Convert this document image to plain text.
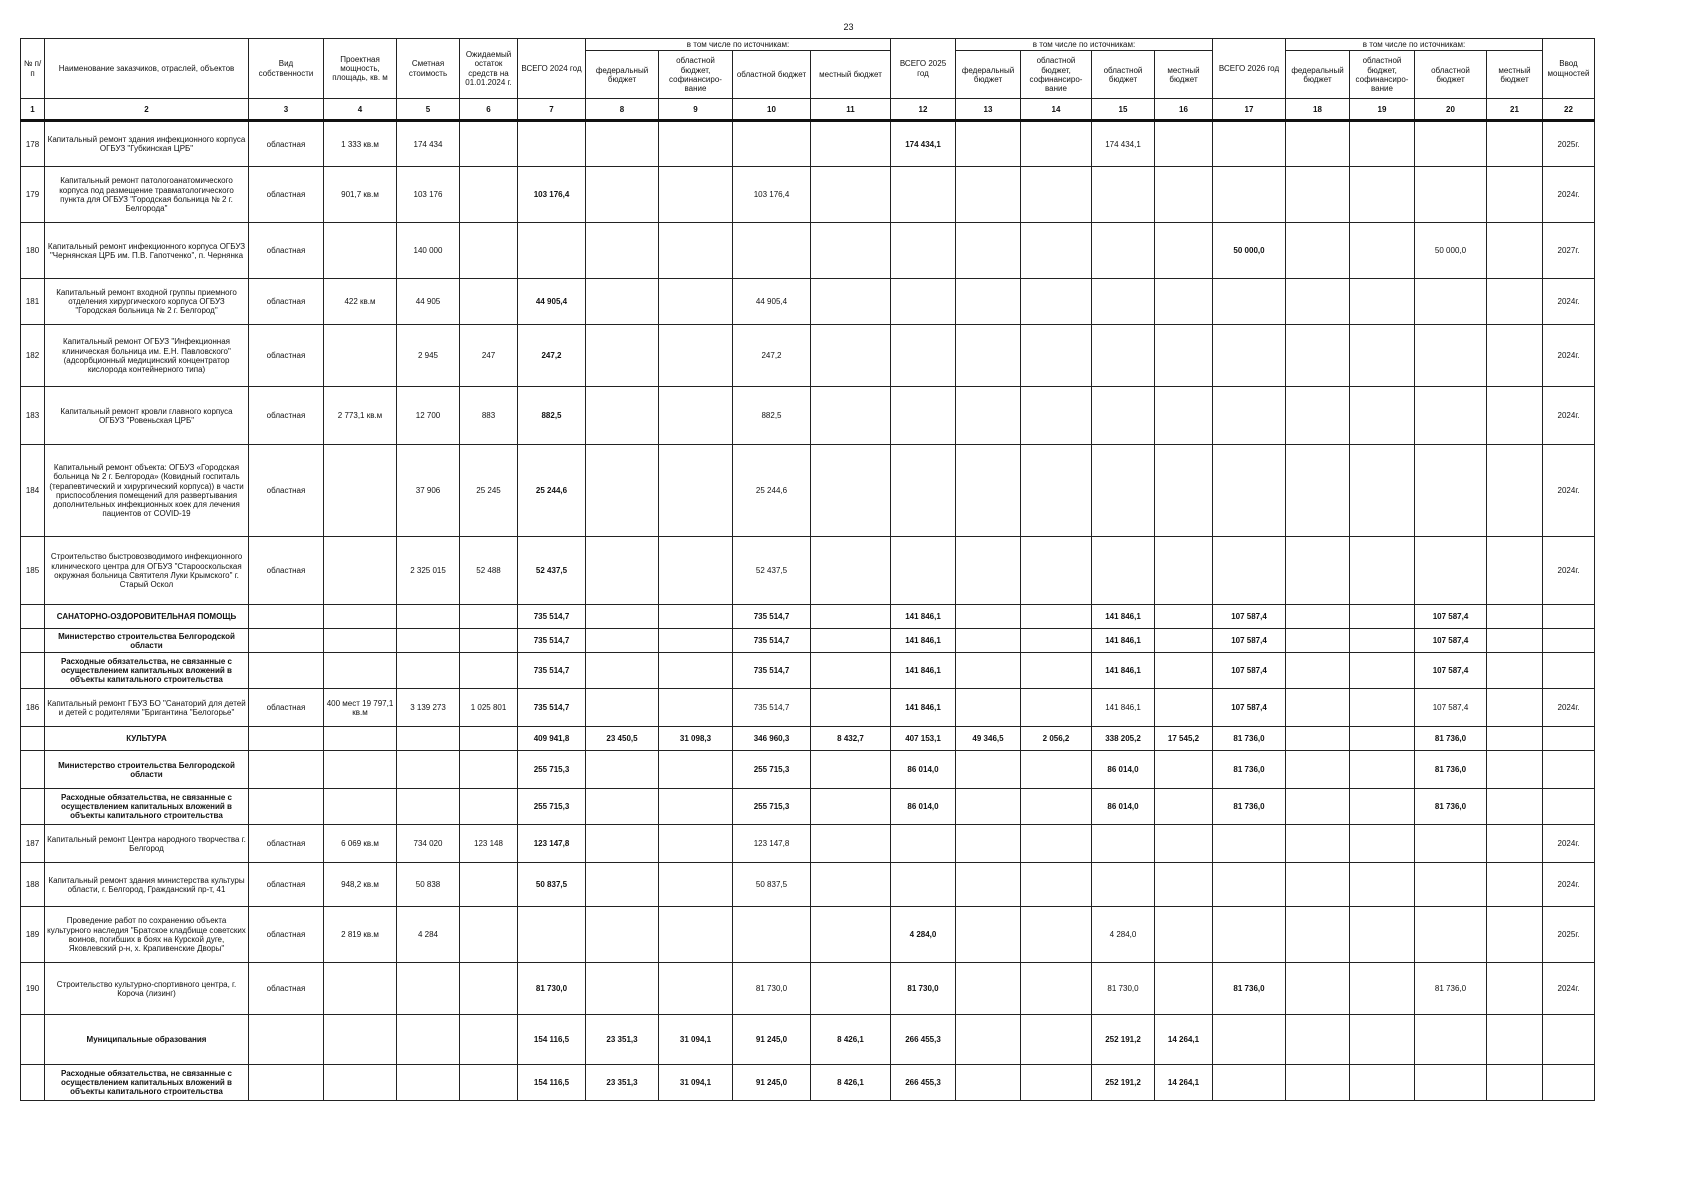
23
№ п/п	Наименование заказчиков, отраслей, объектов	Вид собственности	Проектная мощность, площадь, кв. м	Сметная стоимость	Ожидаемый остаток средств на 01.01.2024 г.	ВСЕГО 2024 год	в том числе по источникам:				ВСЕГО 2025 год	в том числе по источникам:				ВСЕГО 2026 год	в том числе по источникам:				Ввод мощностей
							федеральный бюджет	областной бюджет, софинансиро-вание	областной бюджет	местный бюджет		федеральный бюджет	областной бюджет, софинансиро-вание	областной бюджет	местный бюджет		федеральный бюджет	областной бюджет, софинансиро-вание	областной бюджет	местный бюджет	
1	2	3	4	5	6	7	8	9	10	11	12	13	14	15	16	17	18	19	20	21	22
178	Капитальный ремонт здания инфекционного корпуса ОГБУЗ "Губкинская ЦРБ"	областная	1 333 кв.м	174 434							174 434,1			174 434,1							2025г.
179	Капитальный ремонт патологоанатомического корпуса под размещение травматологического пункта для ОГБУЗ "Городская больница № 2 г. Белгорода"	областная	901,7 кв.м	103 176		103 176,4			103 176,4												2024г.
180	Капитальный ремонт инфекционного корпуса ОГБУЗ "Чернянская ЦРБ им. П.В. Гапотченко", п. Чернянка	областная		140 000												50 000,0			50 000,0		2027г.
181	Капитальный ремонт входной группы приемного отделения хирургического корпуса ОГБУЗ "Городская больница № 2 г. Белгород"	областная	422 кв.м	44 905		44 905,4			44 905,4												2024г.
182	Капитальный ремонт ОГБУЗ "Инфекционная клиническая больница им. Е.Н. Павловского" (адсорбционный медицинский концентратор кислорода контейнерного типа)	областная		2 945	247	247,2			247,2												2024г.
183	Капитальный ремонт кровли главного корпуса ОГБУЗ "Ровеньская ЦРБ"	областная	2 773,1 кв.м	12 700	883	882,5			882,5												2024г.
184	Капитальный ремонт объекта: ОГБУЗ «Городская больница № 2 г. Белгорода» (Ковидный госпиталь (терапевтический и хирургический корпуса)) в части приспособления помещений для развертывания дополнительных инфекционных коек для лечения пациентов от COVID-19	областная		37 906	25 245	25 244,6			25 244,6												2024г.
185	Строительство быстровозводимого инфекционного клинического центра для ОГБУЗ "Старооскольская окружная больница Святителя Луки Крымского" г. Старый Оскол	областная		2 325 015	52 488	52 437,5			52 437,5												2024г.
	САНАТОРНО-ОЗДОРОВИТЕЛЬНАЯ ПОМОЩЬ					735 514,7			735 514,7		141 846,1			141 846,1		107 587,4			107 587,4		
	Министерство строительства Белгородской области					735 514,7			735 514,7		141 846,1			141 846,1		107 587,4			107 587,4		
	Расходные обязательства, не связанные с осуществлением капитальных вложений в объекты капитального строительства					735 514,7			735 514,7		141 846,1			141 846,1		107 587,4			107 587,4		
186	Капитальный ремонт ГБУЗ БО "Санаторий для детей и детей с родителями "Бригантина "Белогорье"	областная	400 мест 19 797,1 кв.м	3 139 273	1 025 801	735 514,7			735 514,7		141 846,1			141 846,1		107 587,4			107 587,4		2024г.
	КУЛЬТУРА					409 941,8	23 450,5	31 098,3	346 960,3	8 432,7	407 153,1	49 346,5	2 056,2	338 205,2	17 545,2	81 736,0			81 736,0		
	Министерство строительства Белгородской области					255 715,3			255 715,3		86 014,0			86 014,0		81 736,0			81 736,0		
	Расходные обязательства, не связанные с осуществлением капитальных вложений в объекты капитального строительства					255 715,3			255 715,3		86 014,0			86 014,0		81 736,0			81 736,0		
187	Капитальный ремонт Центра народного творчества г. Белгород	областная	6 069 кв.м	734 020	123 148	123 147,8			123 147,8												2024г.
188	Капитальный ремонт здания министерства культуры области, г. Белгород, Гражданский пр-т, 41	областная	948,2 кв.м	50 838		50 837,5			50 837,5												2024г.
189	Проведение работ по сохранению объекта культурного наследия "Братское кладбище советских воинов, погибших в боях на Курской дуге, Яковлевский р-н, х. Крапивенские Дворы"	областная	2 819 кв.м	4 284							4 284,0			4 284,0							2025г.
190	Строительство культурно-спортивного центра, г. Короча (лизинг)	областная				81 730,0			81 730,0		81 730,0			81 730,0		81 736,0			81 736,0		2024г.
	Муниципальные образования					154 116,5	23 351,3	31 094,1	91 245,0	8 426,1	266 455,3			252 191,2	14 264,1						
	Расходные обязательства, не связанные с осуществлением капитальных вложений в объекты капитального строительства					154 116,5	23 351,3	31 094,1	91 245,0	8 426,1	266 455,3			252 191,2	14 264,1						
